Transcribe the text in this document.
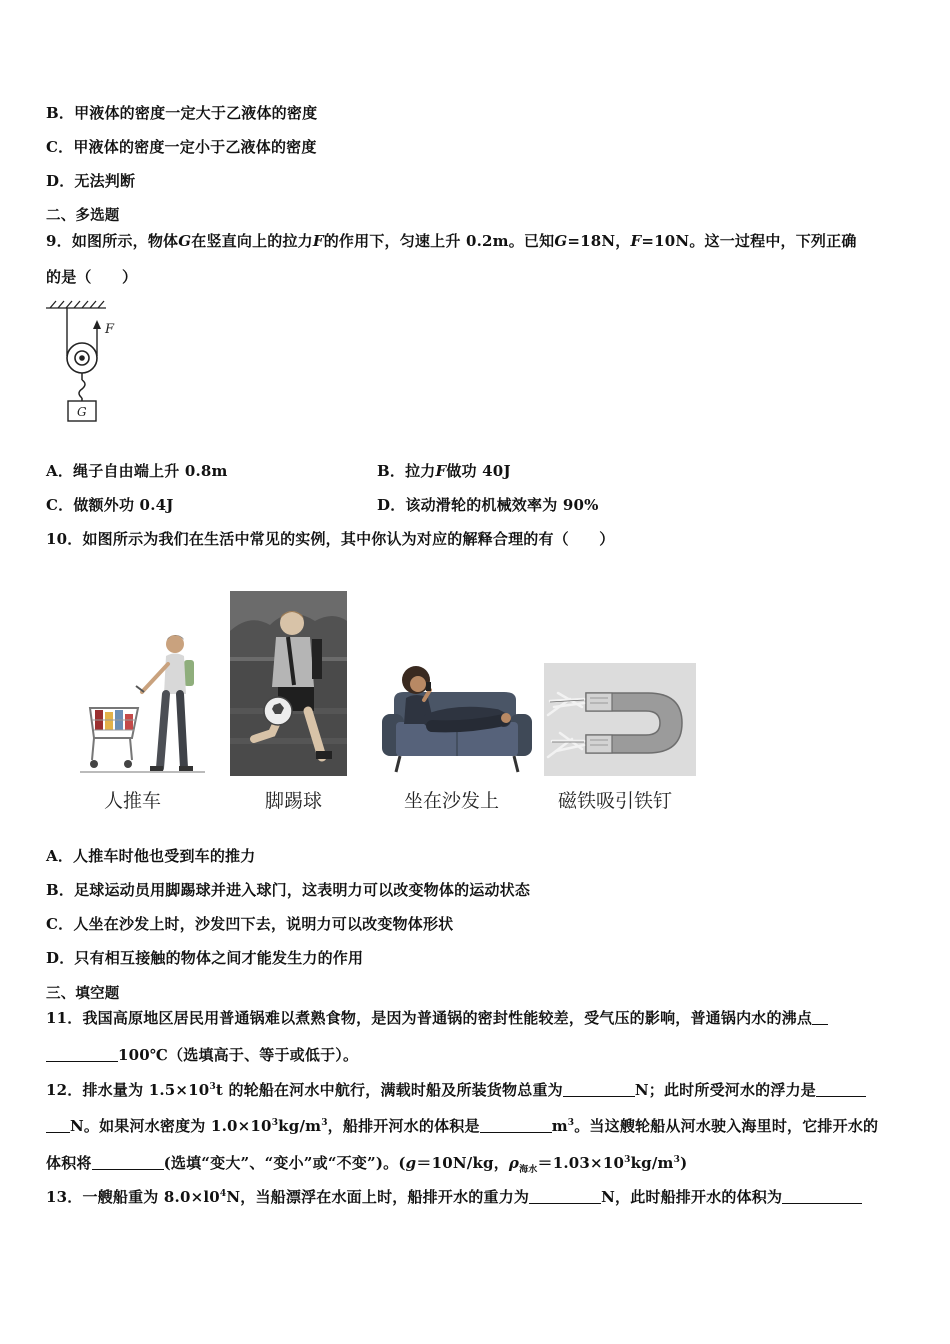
B．甲液体的密度一定大于乙液体的密度
C．甲液体的密度一定小于乙液体的密度
D．无法判断
二、多选题
9．如图所示，物体G在竖直向上的拉力F的作用下，匀速上升 0.2m。已知G=18N，F=10N。这一过程中，下列正确
的是（　　）
F
G
A．绳子自由端上升 0.8m	B．拉力F做功 40J
C．做额外功 0.4J	D．该动滑轮的机械效率为 90%
10．如图所示为我们在生活中常见的实例，其中你认为对应的解释合理的有（　　）
人推车	脚踢球	坐在沙发上	磁铁吸引铁钉
A．人推车时他也受到车的推力
B．足球运动员用脚踢球并进入球门，这表明力可以改变物体的运动状态
C．人坐在沙发上时，沙发凹下去，说明力可以改变物体形状
D．只有相互接触的物体之间才能发生力的作用
三、填空题
11．我国高原地区居民用普通锅难以煮熟食物，是因为普通锅的密封性能较差，受气压的影响，普通锅内水的沸点
100℃（选填高于、等于或低于）。
12．排水量为 $1.5\times 10^3t$ 的轮船在河水中航行，满载时船及所装货物总重为	N；此时所受河水的浮力是
N。如果河水密度为 $1.0\times 10^3kg/m^3$，船排开河水的体积是	$m^3$。当这艘轮船从河水驶入海里时，它排开水的
体积将	(选填“变大”、“变小”或“不变”)。(g＝10N/kg，$\rho_{海水}=1.03\times 10^3kg/m^3$)
13．一艘船重为 $8.0\times l0^4N$，当船漂浮在水面上时，船排开水的重力为	N，此时船排开水的体积为
